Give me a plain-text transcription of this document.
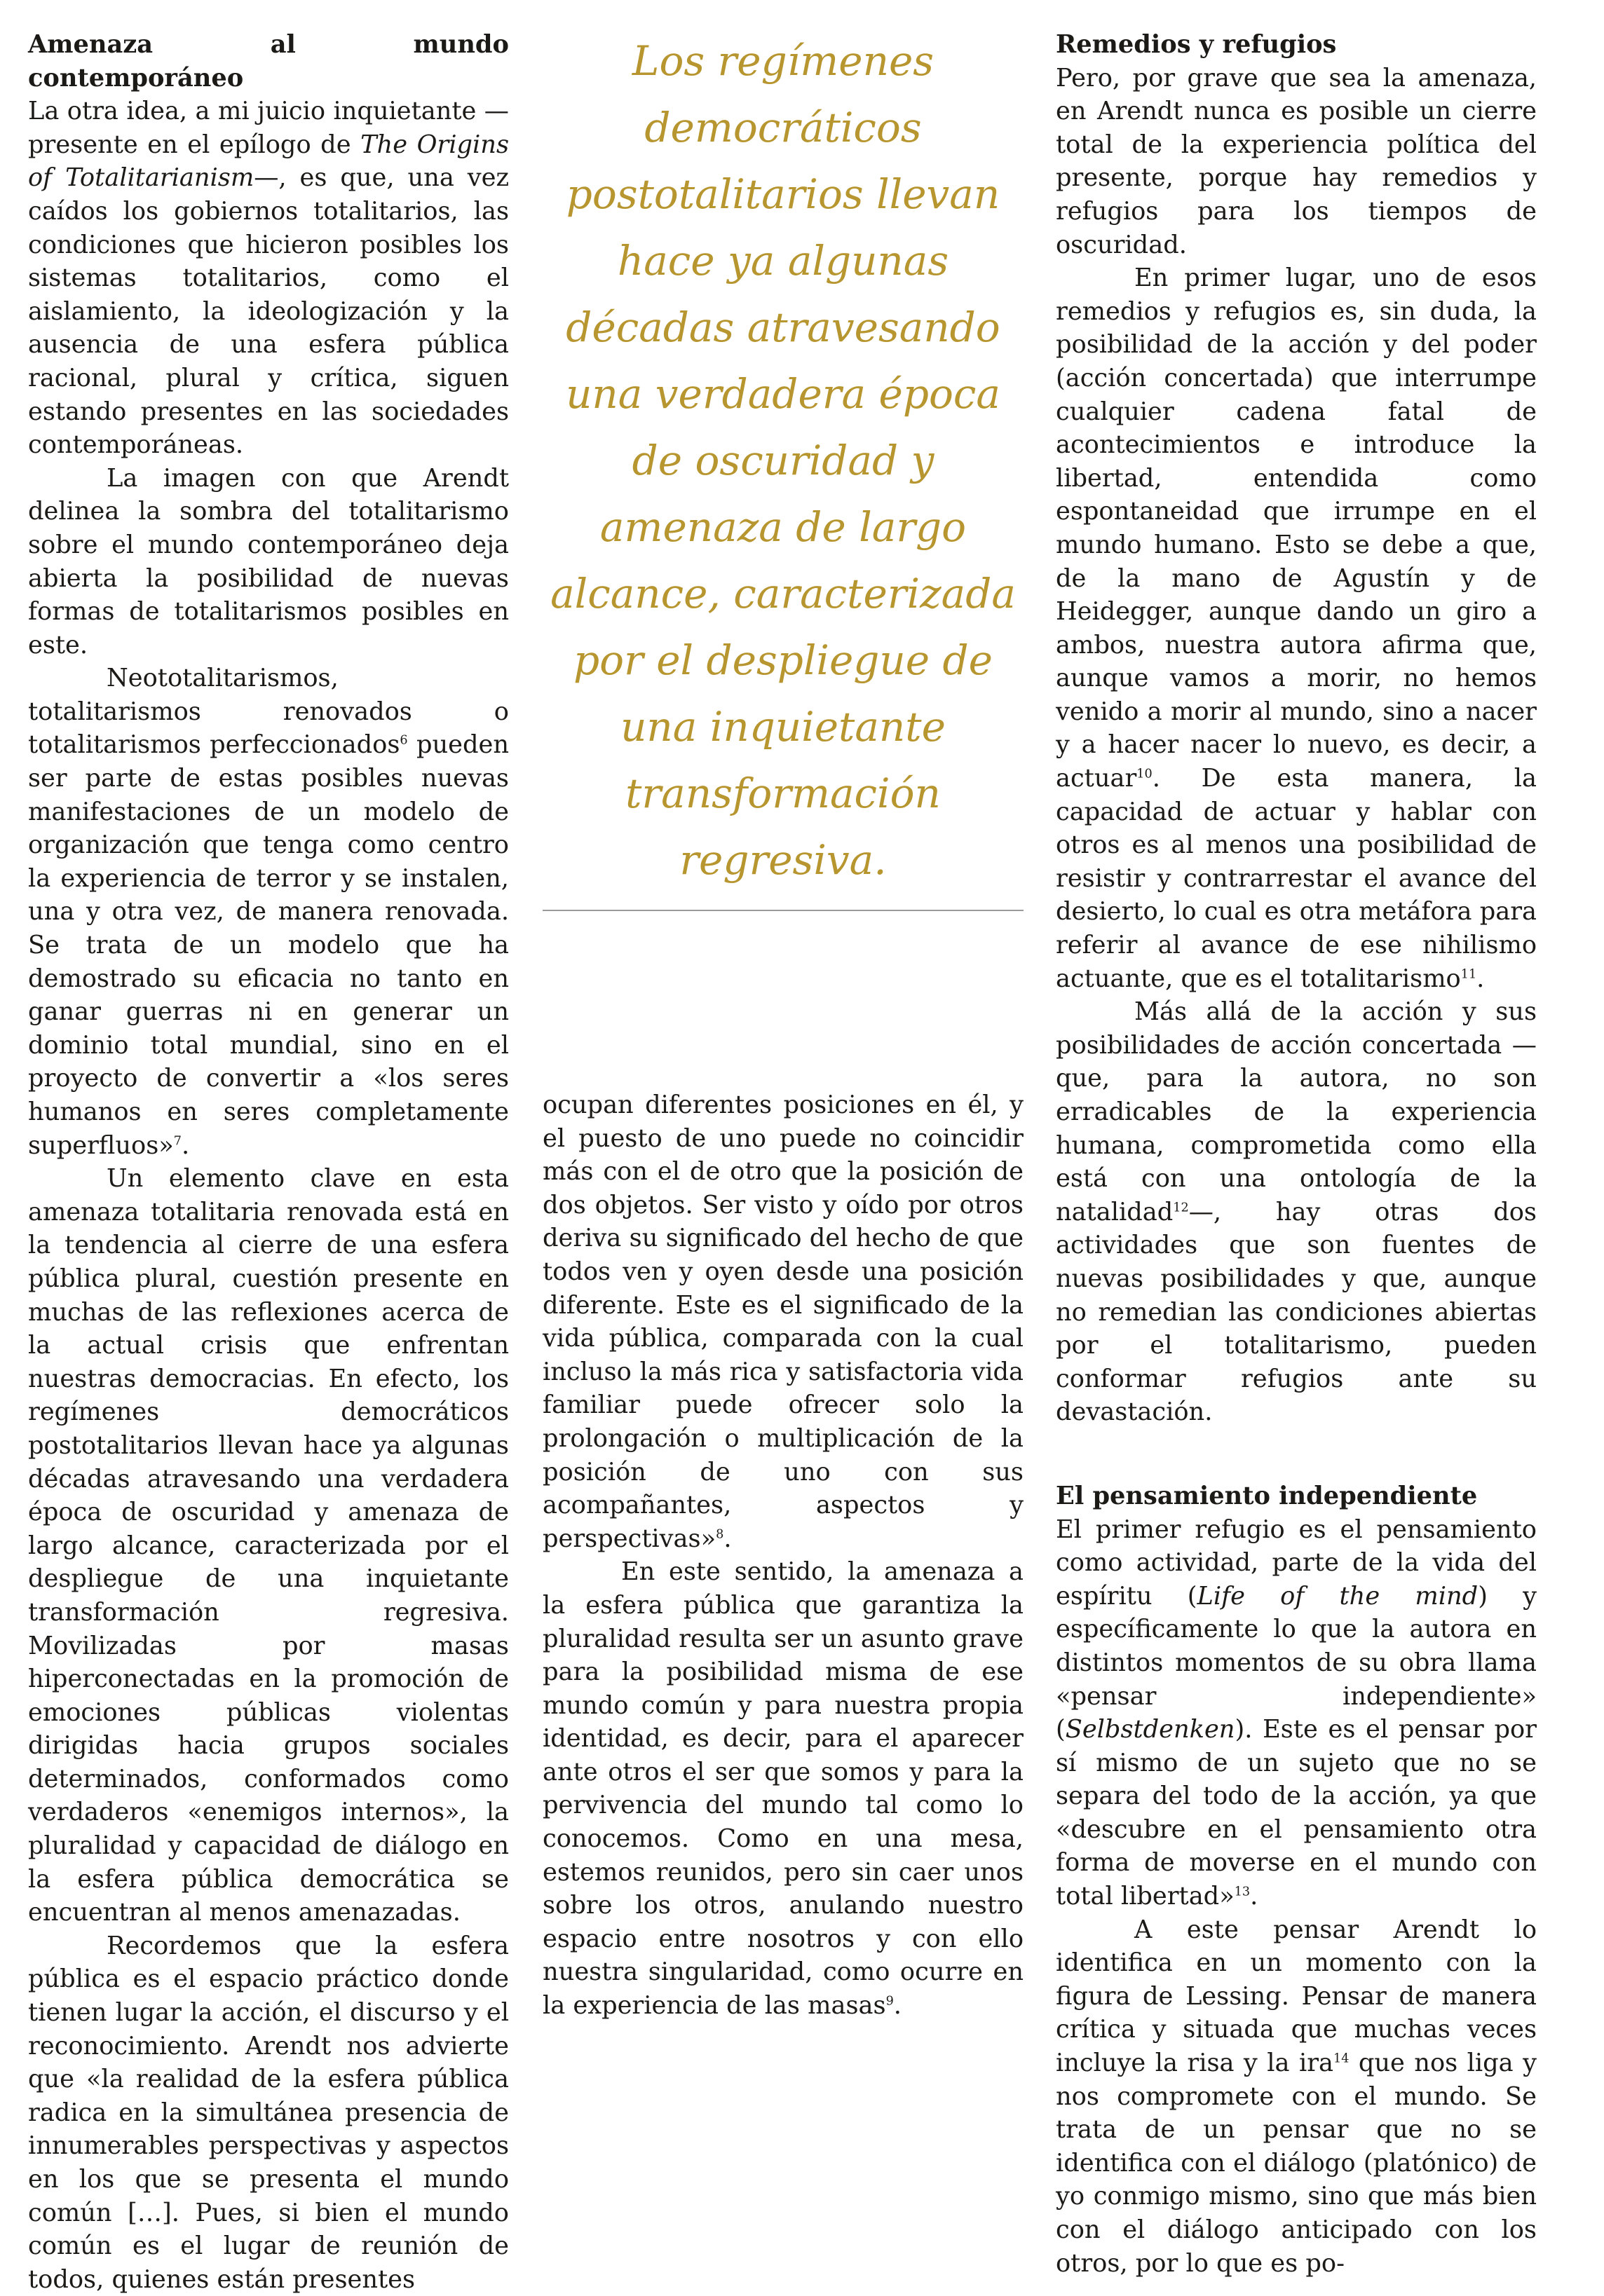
Amenaza al mundo contemporáneo

La otra idea, a mi juicio inquietante —presente en el epílogo de The Origins of Totalitarianism—, es que, una vez caídos los gobiernos totalitarios, las condiciones que hicieron posibles los sistemas totalitarios, como el aislamiento, la ideologización y la ausencia de una esfera pública racional, plural y crítica, siguen estando presentes en las sociedades contemporáneas.

La imagen con que Arendt delinea la sombra del totalitarismo sobre el mundo contemporáneo deja abierta la posibilidad de nuevas formas de totalitarismos posibles en este.

Neototalitarismos, totalitarismos renovados o totalitarismos perfeccionados$^6$ pueden ser parte de estas posibles nuevas manifestaciones de un modelo de organización que tenga como centro la experiencia de terror y se instalen, una y otra vez, de manera renovada. Se trata de un modelo que ha demostrado su eficacia no tanto en ganar guerras ni en generar un dominio total mundial, sino en el proyecto de convertir a «los seres humanos en seres completamente superfluos»$^7$.

Un elemento clave en esta amenaza totalitaria renovada está en la tendencia al cierre de una esfera pública plural, cuestión presente en muchas de las reflexiones acerca de la actual crisis que enfrentan nuestras democracias. En efecto, los regímenes democráticos postotalitarios llevan hace ya algunas décadas atravesando una verdadera época de oscuridad y amenaza de largo alcance, caracterizada por el despliegue de una inquietante transformación regresiva. Movilizadas por masas hiperconectadas en la promoción de emociones públicas violentas dirigidas hacia grupos sociales determinados, conformados como verdaderos «enemigos internos», la pluralidad y capacidad de diálogo en la esfera pública democrática se encuentran al menos amenazadas.

Recordemos que la esfera pública es el espacio práctico donde tienen lugar la acción, el discurso y el reconocimiento. Arendt nos advierte que «la realidad de la esfera pública radica en la simultánea presencia de innumerables perspectivas y aspectos en los que se presenta el mundo común […]. Pues, si bien el mundo común es el lugar de reunión de todos, quienes están presentes

Los regímenes democráticos postotalitarios llevan hace ya algunas décadas atravesando una verdadera época de oscuridad y amenaza de largo alcance, caracterizada por el despliegue de una inquietante transformación regresiva.

ocupan diferentes posiciones en él, y el puesto de uno puede no coincidir más con el de otro que la posición de dos objetos. Ser visto y oído por otros deriva su significado del hecho de que todos ven y oyen desde una posición diferente. Este es el significado de la vida pública, comparada con la cual incluso la más rica y satisfactoria vida familiar puede ofrecer solo la prolongación o multiplicación de la posición de uno con sus acompañantes, aspectos y perspectivas»$^8$.

En este sentido, la amenaza a la esfera pública que garantiza la pluralidad resulta ser un asunto grave para la posibilidad misma de ese mundo común y para nuestra propia identidad, es decir, para el aparecer ante otros el ser que somos y para la pervivencia del mundo tal como lo conocemos. Como en una mesa, estemos reunidos, pero sin caer unos sobre los otros, anulando nuestro espacio entre nosotros y con ello nuestra singularidad, como ocurre en la experiencia de las masas$^9$.

Remedios y refugios

Pero, por grave que sea la amenaza, en Arendt nunca es posible un cierre total de la experiencia política del presente, porque hay remedios y refugios para los tiempos de oscuridad.

En primer lugar, uno de esos remedios y refugios es, sin duda, la posibilidad de la acción y del poder (acción concertada) que interrumpe cualquier cadena fatal de acontecimientos e introduce la libertad, entendida como espontaneidad que irrumpe en el mundo humano. Esto se debe a que, de la mano de Agustín y de Heidegger, aunque dando un giro a ambos, nuestra autora afirma que, aunque vamos a morir, no hemos venido a morir al mundo, sino a nacer y a hacer nacer lo nuevo, es decir, a actuar$^{10}$. De esta manera, la capacidad de actuar y hablar con otros es al menos una posibilidad de resistir y contrarrestar el avance del desierto, lo cual es otra metáfora para referir al avance de ese nihilismo actuante, que es el totalitarismo$^{11}$.

Más allá de la acción y sus posibilidades de acción concertada —que, para la autora, no son erradicables de la experiencia humana, comprometida como ella está con una ontología de la natalidad$^{12}$—, hay otras dos actividades que son fuentes de nuevas posibilidades y que, aunque no remedian las condiciones abiertas por el totalitarismo, pueden conformar refugios ante su devastación.

El pensamiento independiente

El primer refugio es el pensamiento como actividad, parte de la vida del espíritu (Life of the mind) y específicamente lo que la autora en distintos momentos de su obra llama «pensar independiente» (Selbstdenken). Este es el pensar por sí mismo de un sujeto que no se separa del todo de la acción, ya que «descubre en el pensamiento otra forma de moverse en el mundo con total libertad»$^{13}$.

A este pensar Arendt lo identifica en un momento con la figura de Lessing. Pensar de manera crítica y situada que muchas veces incluye la risa y la ira$^{14}$ que nos liga y nos compromete con el mundo. Se trata de un pensar que no se identifica con el diálogo (platónico) de yo conmigo mismo, sino que más bien con el diálogo anticipado con los otros, por lo que es po-
